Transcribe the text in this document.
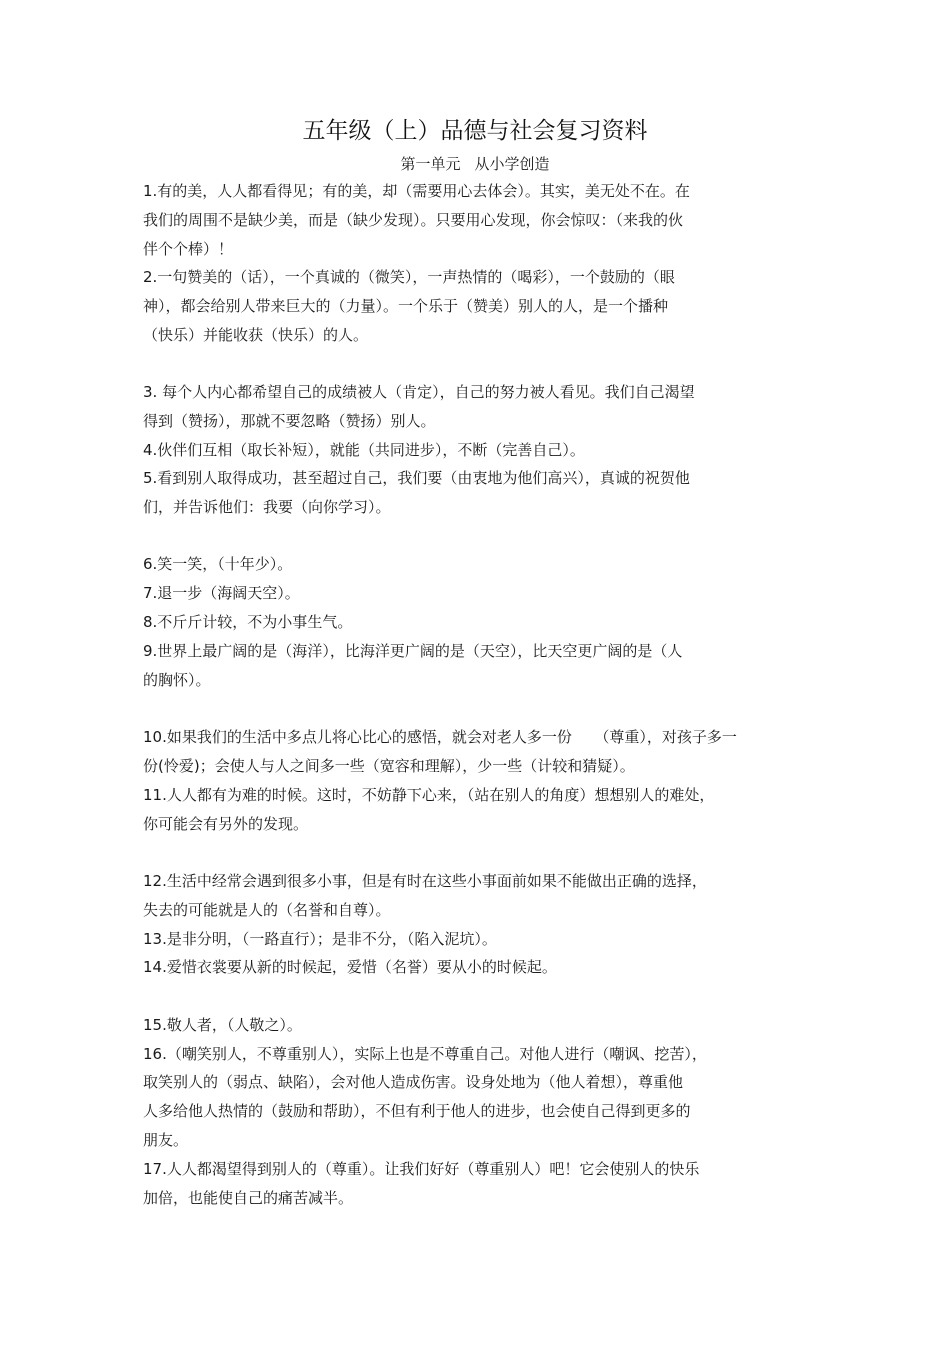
五年级（上）品德与社会复习资料
第一单元 从小学创造
1.有的美，人人都看得见；有的美，却（需要用心去体会）。其实，美无处不在。在
我们的周围不是缺少美，而是（缺少发现）。只要用心发现，你会惊叹：（来我的伙
伴个个棒）！
2.一句赞美的（话），一个真诚的（微笑），一声热情的（喝彩），一个鼓励的（眼
神），都会给别人带来巨大的（力量）。一个乐于（赞美）别人的人，是一个播种
（快乐）并能收获（快乐）的人。
3. 每个人内心都希望自己的成绩被人（肯定），自己的努力被人看见。我们自己渴望
得到（赞扬），那就不要忽略（赞扬）别人。
4.伙伴们互相（取长补短），就能（共同进步），不断（完善自己）。
5.看到别人取得成功，甚至超过自己，我们要（由衷地为他们高兴），真诚的祝贺他
们，并告诉他们：我要（向你学习）。
6.笑一笑，（十年少）。
7.退一步（海阔天空）。
8.不斤斤计较，不为小事生气。
9.世界上最广阔的是（海洋），比海洋更广阔的是（天空），比天空更广阔的是（人
的胸怀）。
10.如果我们的生活中多点儿将心比心的感悟，就会对老人多一份　　（尊重），对孩子多一
份(怜爱)；会使人与人之间多一些（宽容和理解），少一些（计较和猜疑）。
11.人人都有为难的时候。这时，不妨静下心来，（站在别人的角度）想想别人的难处，
你可能会有另外的发现。
12.生活中经常会遇到很多小事，但是有时在这些小事面前如果不能做出正确的选择，
失去的可能就是人的（名誉和自尊）。
13.是非分明，（一路直行）；是非不分，（陷入泥坑）。
14.爱惜衣裳要从新的时候起，爱惜（名誉）要从小的时候起。
15.敬人者，（人敬之）。
16.（嘲笑别人，不尊重别人），实际上也是不尊重自己。对他人进行（嘲讽、挖苦），
取笑别人的（弱点、缺陷），会对他人造成伤害。设身处地为（他人着想），尊重他
人多给他人热情的（鼓励和帮助），不但有利于他人的进步，也会使自己得到更多的
朋友。
17.人人都渴望得到别人的（尊重）。让我们好好（尊重别人）吧！它会使别人的快乐
加倍，也能使自己的痛苦减半。
